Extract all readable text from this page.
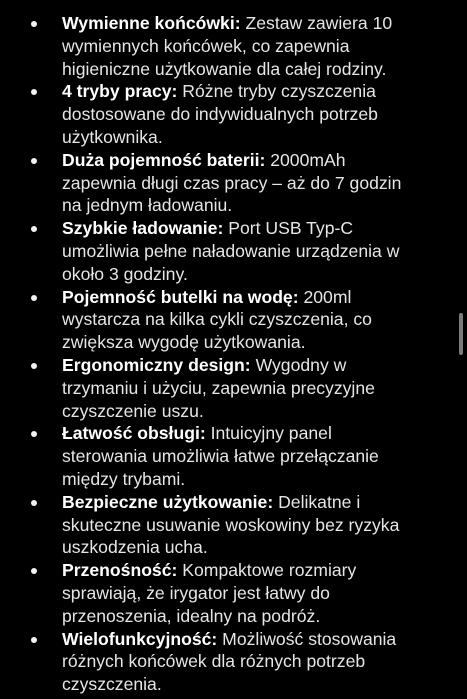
Wymienne końcówki: Zestaw zawiera 10 wymiennych końcówek, co zapewnia higieniczne użytkowanie dla całej rodziny.
4 tryby pracy: Różne tryby czyszczenia dostosowane do indywidualnych potrzeb użytkownika.
Duża pojemność baterii: 2000mAh zapewnia długi czas pracy – aż do 7 godzin na jednym ładowaniu.
Szybkie ładowanie: Port USB Typ-C umożliwia pełne naładowanie urządzenia w około 3 godziny.
Pojemność butelki na wodę: 200ml wystarcza na kilka cykli czyszczenia, co zwiększa wygodę użytkowania.
Ergonomiczny design: Wygodny w trzymaniu i użyciu, zapewnia precyzyjne czyszczenie uszu.
Łatwość obsługi: Intuicyjny panel sterowania umożliwia łatwe przełączanie między trybami.
Bezpieczne użytkowanie: Delikatne i skuteczne usuwanie woskowiny bez ryzyka uszkodzenia ucha.
Przenośność: Kompaktowe rozmiary sprawiają, że irygator jest łatwy do przenoszenia, idealny na podróż.
Wielofunkcyjność: Możliwość stosowania różnych końcówek dla różnych potrzeb czyszczenia.
